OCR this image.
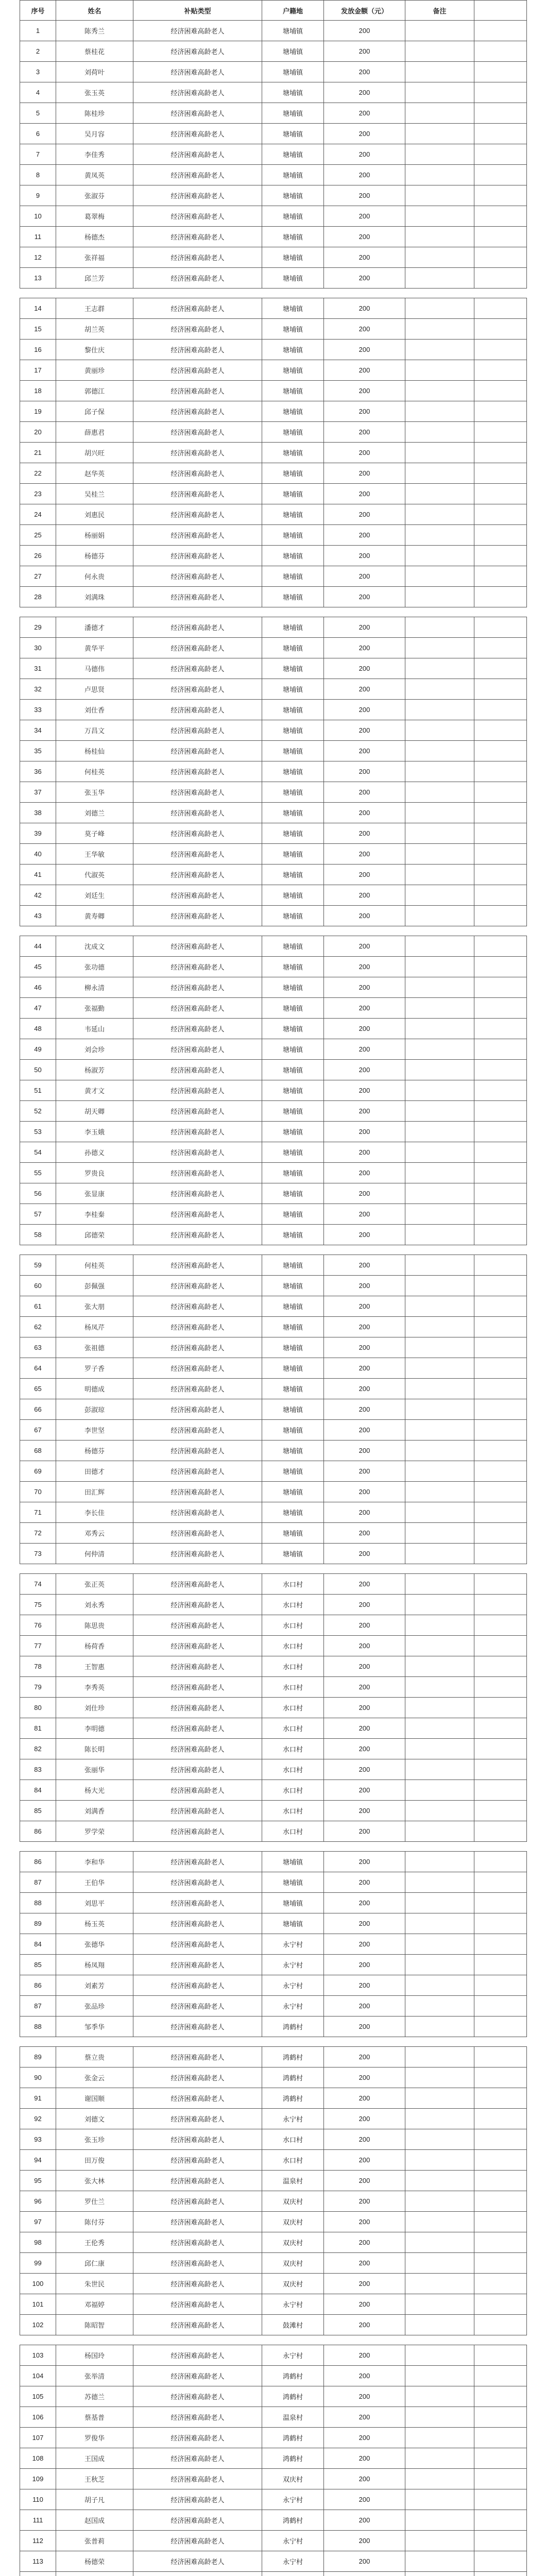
序号	姓名	补贴类型	户籍地	发放金额（元）	备注	
1	陈秀兰	经济困难高龄老人	塘埔镇	200		
2	蔡桂花	经济困难高龄老人	塘埔镇	200		
3	刘荷叶	经济困难高龄老人	塘埔镇	200		
4	张玉英	经济困难高龄老人	塘埔镇	200		
5	陈桂珍	经济困难高龄老人	塘埔镇	200		
6	吴月容	经济困难高龄老人	塘埔镇	200		
7	李佳秀	经济困难高龄老人	塘埔镇	200		
8	黄凤英	经济困难高龄老人	塘埔镇	200		
9	张淑芬	经济困难高龄老人	塘埔镇	200		
10	葛翠梅	经济困难高龄老人	塘埔镇	200		
11	杨德杰	经济困难高龄老人	塘埔镇	200		
12	张祥福	经济困难高龄老人	塘埔镇	200		
13	邱兰芳	经济困难高龄老人	塘埔镇	200		

14	王志群	经济困难高龄老人	塘埔镇	200		
15	胡兰英	经济困难高龄老人	塘埔镇	200		
16	黎仕庆	经济困难高龄老人	塘埔镇	200		
17	黄丽珍	经济困难高龄老人	塘埔镇	200		
18	郭德江	经济困难高龄老人	塘埔镇	200		
19	邱子保	经济困难高龄老人	塘埔镇	200		
20	薛惠君	经济困难高龄老人	塘埔镇	200		
21	胡兴旺	经济困难高龄老人	塘埔镇	200		
22	赵华英	经济困难高龄老人	塘埔镇	200		
23	吴桂兰	经济困难高龄老人	塘埔镇	200		
24	刘惠民	经济困难高龄老人	塘埔镇	200		
25	杨丽娟	经济困难高龄老人	塘埔镇	200		
26	杨德芬	经济困难高龄老人	塘埔镇	200		
27	何永贵	经济困难高龄老人	塘埔镇	200		
28	刘满珠	经济困难高龄老人	塘埔镇	200		

29	潘德才	经济困难高龄老人	塘埔镇	200		
30	黄华平	经济困难高龄老人	塘埔镇	200		
31	马德伟	经济困难高龄老人	塘埔镇	200		
32	卢思贤	经济困难高龄老人	塘埔镇	200		
33	刘仕香	经济困难高龄老人	塘埔镇	200		
34	万昌文	经济困难高龄老人	塘埔镇	200		
35	杨桂仙	经济困难高龄老人	塘埔镇	200		
36	何桂英	经济困难高龄老人	塘埔镇	200		
37	张玉华	经济困难高龄老人	塘埔镇	200		
38	刘德兰	经济困难高龄老人	塘埔镇	200		
39	莫子峰	经济困难高龄老人	塘埔镇	200		
40	王华敏	经济困难高龄老人	塘埔镇	200		
41	代淑英	经济困难高龄老人	塘埔镇	200		
42	刘廷生	经济困难高龄老人	塘埔镇	200		
43	黄寿卿	经济困难高龄老人	塘埔镇	200		

44	沈成文	经济困难高龄老人	塘埔镇	200		
45	张功德	经济困难高龄老人	塘埔镇	200		
46	柳永清	经济困难高龄老人	塘埔镇	200		
47	张福勤	经济困难高龄老人	塘埔镇	200		
48	韦延山	经济困难高龄老人	塘埔镇	200		
49	刘会珍	经济困难高龄老人	塘埔镇	200		
50	杨淑芳	经济困难高龄老人	塘埔镇	200		
51	黄才文	经济困难高龄老人	塘埔镇	200		
52	胡天卿	经济困难高龄老人	塘埔镇	200		
53	李玉娥	经济困难高龄老人	塘埔镇	200		
54	孙德义	经济困难高龄老人	塘埔镇	200		
55	罗贵良	经济困难高龄老人	塘埔镇	200		
56	张显康	经济困难高龄老人	塘埔镇	200		
57	李桂秦	经济困难高龄老人	塘埔镇	200		
58	邱德荣	经济困难高龄老人	塘埔镇	200		

59	何桂英	经济困难高龄老人	塘埔镇	200		
60	彭佩强	经济困难高龄老人	塘埔镇	200		
61	张大朋	经济困难高龄老人	塘埔镇	200		
62	杨凤芹	经济困难高龄老人	塘埔镇	200		
63	张祖德	经济困难高龄老人	塘埔镇	200		
64	罗子香	经济困难高龄老人	塘埔镇	200		
65	明德成	经济困难高龄老人	塘埔镇	200		
66	彭淑琼	经济困难高龄老人	塘埔镇	200		
67	李世坚	经济困难高龄老人	塘埔镇	200		
68	杨德芬	经济困难高龄老人	塘埔镇	200		
69	田德才	经济困难高龄老人	塘埔镇	200		
70	田汇辉	经济困难高龄老人	塘埔镇	200		
71	李长佳	经济困难高龄老人	塘埔镇	200		
72	邓秀云	经济困难高龄老人	塘埔镇	200		
73	何仲清	经济困难高龄老人	塘埔镇	200		

74	张正英	经济困难高龄老人	水口村	200		
75	刘永秀	经济困难高龄老人	水口村	200		
76	陈思贵	经济困难高龄老人	水口村	200		
77	杨荷香	经济困难高龄老人	水口村	200		
78	王智惠	经济困难高龄老人	水口村	200		
79	李秀英	经济困难高龄老人	水口村	200		
80	刘仕珍	经济困难高龄老人	水口村	200		
81	李明德	经济困难高龄老人	水口村	200		
82	陈长明	经济困难高龄老人	水口村	200		
83	张丽华	经济困难高龄老人	水口村	200		
84	杨大光	经济困难高龄老人	水口村	200		
85	刘满香	经济困难高龄老人	水口村	200		
86	罗学荣	经济困难高龄老人	水口村	200		

86	李和华	经济困难高龄老人	塘埔镇	200		
87	王伯华	经济困难高龄老人	塘埔镇	200		
88	刘思平	经济困难高龄老人	塘埔镇	200		
89	杨玉英	经济困难高龄老人	塘埔镇	200		
84	张德华	经济困难高龄老人	永宁村	200		
85	杨凤翔	经济困难高龄老人	永宁村	200		
86	刘素芳	经济困难高龄老人	永宁村	200		
87	张品珍	经济困难高龄老人	永宁村	200		
88	邹季华	经济困难高龄老人	鸿鹤村	200		

89	蔡立贵	经济困难高龄老人	鸿鹤村	200		
90	张金云	经济困难高龄老人	鸿鹤村	200		
91	谢国顺	经济困难高龄老人	鸿鹤村	200		
92	刘德文	经济困难高龄老人	永宁村	200		
93	张玉珍	经济困难高龄老人	水口村	200		
94	田万俊	经济困难高龄老人	水口村	200		
95	张大林	经济困难高龄老人	温泉村	200		
96	罗仕兰	经济困难高龄老人	双庆村	200		
97	陈付芬	经济困难高龄老人	双庆村	200		
98	王伦秀	经济困难高龄老人	双庆村	200		
99	邱仁康	经济困难高龄老人	双庆村	200		
100	朱世民	经济困难高龄老人	双庆村	200		
101	邓福婷	经济困难高龄老人	永宁村	200		
102	陈昭智	经济困难高龄老人	鼓滩村	200		

103	杨国玲	经济困难高龄老人	永宁村	200		
104	张举清	经济困难高龄老人	鸿鹤村	200		
105	苏德兰	经济困难高龄老人	鸿鹤村	200		
106	蔡基普	经济困难高龄老人	温泉村	200		
107	罗俊华	经济困难高龄老人	鸿鹤村	200		
108	王国成	经济困难高龄老人	鸿鹤村	200		
109	王秋芝	经济困难高龄老人	双庆村	200		
110	胡子凡	经济困难高龄老人	永宁村	200		
111	赵国成	经济困难高龄老人	鸿鹤村	200		
112	张普莉	经济困难高龄老人	永宁村	200		
113	杨德荣	经济困难高龄老人	永宁村	200		
